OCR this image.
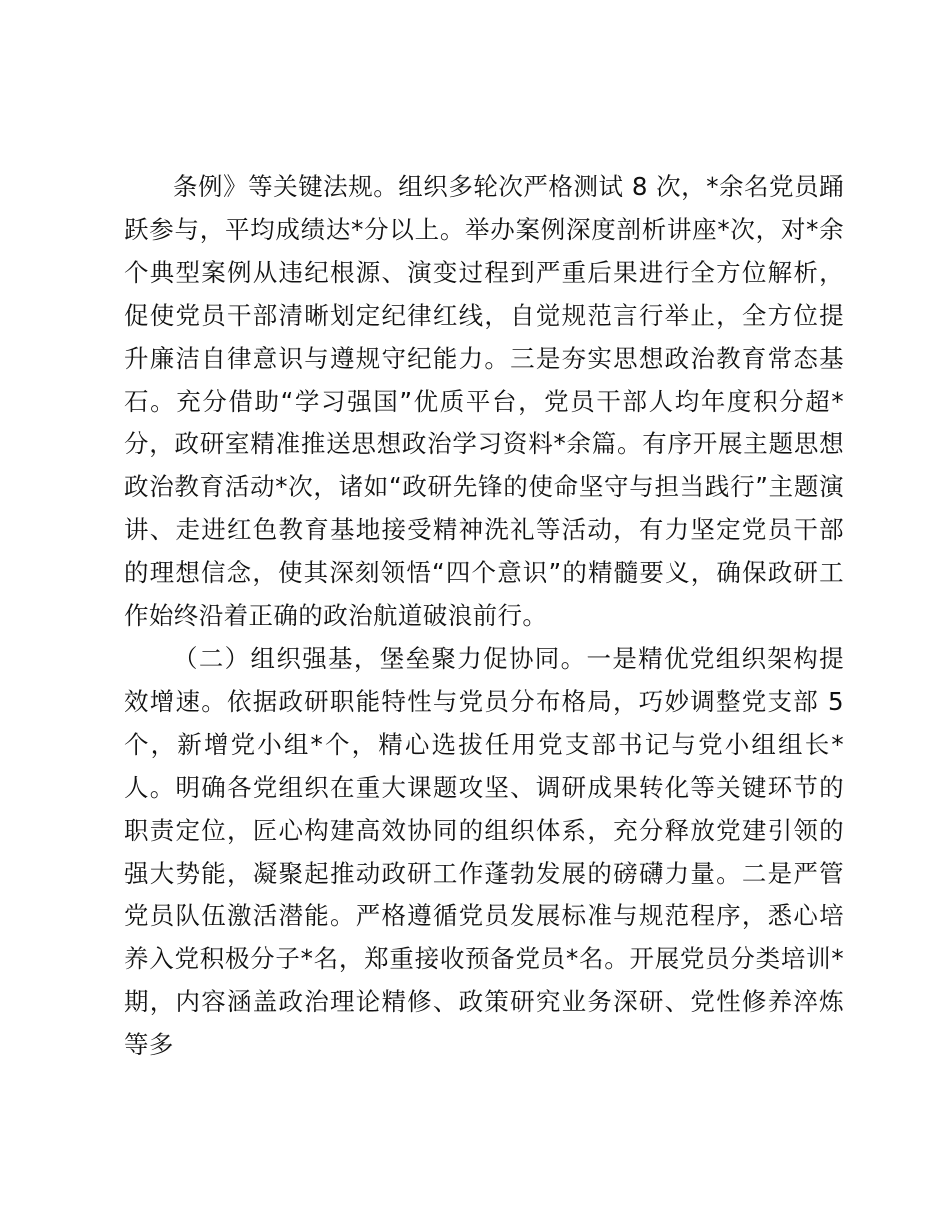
条例》等关键法规。组织多轮次严格测试 8 次，*余名党员踊跃参与，平均成绩达*分以上。举办案例深度剖析讲座*次，对*余个典型案例从违纪根源、演变过程到严重后果进行全方位解析，促使党员干部清晰划定纪律红线，自觉规范言行举止，全方位提升廉洁自律意识与遵规守纪能力。三是夯实思想政治教育常态基石。充分借助“学习强国”优质平台，党员干部人均年度积分超*分，政研室精准推送思想政治学习资料*余篇。有序开展主题思想政治教育活动*次，诸如“政研先锋的使命坚守与担当践行”主题演讲、走进红色教育基地接受精神洗礼等活动，有力坚定党员干部的理想信念，使其深刻领悟“四个意识”的精髓要义，确保政研工作始终沿着正确的政治航道破浪前行。

（二）组织强基，堡垒聚力促协同。一是精优党组织架构提效增速。依据政研职能特性与党员分布格局，巧妙调整党支部 5 个，新增党小组*个，精心选拔任用党支部书记与党小组组长*人。明确各党组织在重大课题攻坚、调研成果转化等关键环节的职责定位，匠心构建高效协同的组织体系，充分释放党建引领的强大势能，凝聚起推动政研工作蓬勃发展的磅礴力量。二是严管党员队伍激活潜能。严格遵循党员发展标准与规范程序，悉心培养入党积极分子*名，郑重接收预备党员*名。开展党员分类培训*期，内容涵盖政治理论精修、政策研究业务深研、党性修养淬炼等多
